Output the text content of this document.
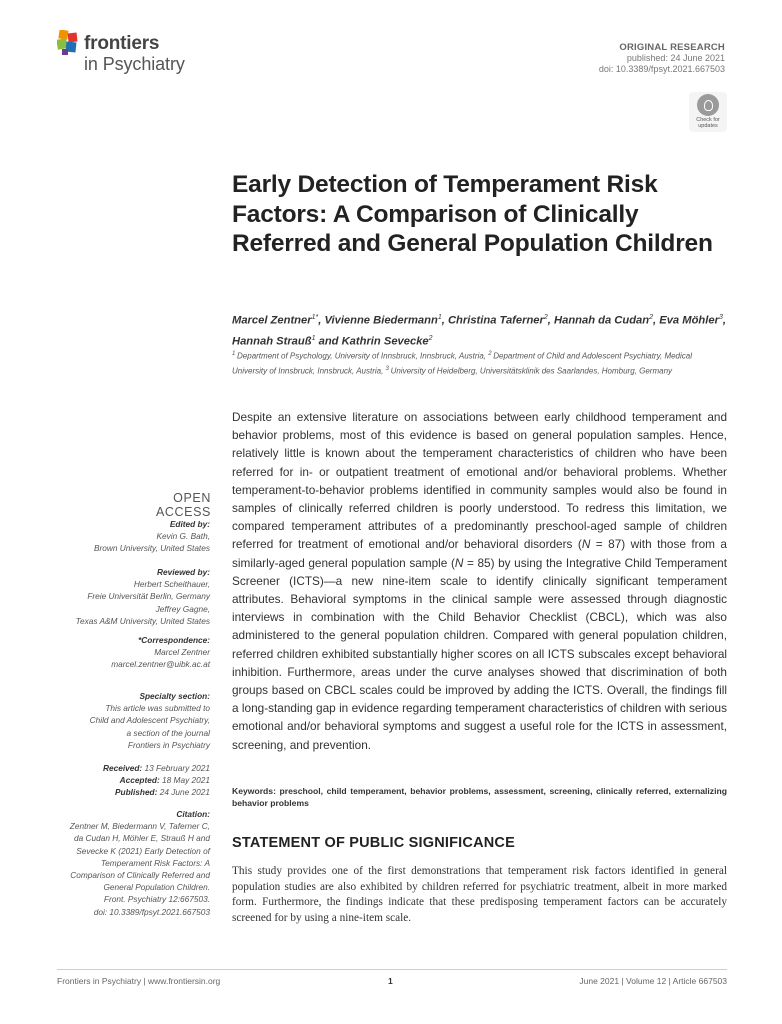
frontiers
in Psychiatry
ORIGINAL RESEARCH
published: 24 June 2021
doi: 10.3389/fpsyt.2021.667503
Check for updates
Early Detection of Temperament Risk Factors: A Comparison of Clinically Referred and General Population Children
Marcel Zentner$^{1*}$, Vivienne Biedermann$^1$, Christina Taferner$^2$, Hannah da Cudan$^2$, Eva Möhler$^3$, Hannah Strauß$^1$ and Kathrin Sevecke$^2$
$^1$ Department of Psychology, University of Innsbruck, Innsbruck, Austria, $^2$ Department of Child and Adolescent Psychiatry, Medical University of Innsbruck, Innsbruck, Austria, $^3$ University of Heidelberg, Universitätsklinik des Saarlandes, Homburg, Germany
Despite an extensive literature on associations between early childhood temperament and behavior problems, most of this evidence is based on general population samples. Hence, relatively little is known about the temperament characteristics of children who have been referred for in- or outpatient treatment of emotional and/or behavioral problems. Whether temperament-to-behavior problems identified in community samples would also be found in samples of clinically referred children is poorly understood. To redress this limitation, we compared temperament attributes of a predominantly preschool-aged sample of children referred for treatment of emotional and/or behavioral disorders (N = 87) with those from a similarly-aged general population sample (N = 85) by using the Integrative Child Temperament Screener (ICTS)—a new nine-item scale to identify clinically significant temperament attributes. Behavioral symptoms in the clinical sample were assessed through diagnostic interviews in combination with the Child Behavior Checklist (CBCL), which was also administered to the general population children. Compared with general population children, referred children exhibited substantially higher scores on all ICTS subscales except behavioral inhibition. Furthermore, areas under the curve analyses showed that discrimination of both groups based on CBCL scales could be improved by adding the ICTS. Overall, the findings fill a long-standing gap in evidence regarding temperament characteristics of children with serious emotional and/or behavioral symptoms and suggest a useful role for the ICTS in assessment, screening, and prevention.
Keywords: preschool, child temperament, behavior problems, assessment, screening, clinically referred, externalizing behavior problems
STATEMENT OF PUBLIC SIGNIFICANCE
This study provides one of the first demonstrations that temperament risk factors identified in general population studies are also exhibited by children referred for psychiatric treatment, albeit in more marked form. Furthermore, the findings indicate that these predisposing temperament factors can be accurately screened for by using a nine-item scale.
OPEN ACCESS
Edited by:
Kevin G. Bath,
Brown University, United States
Reviewed by:
Herbert Scheithauer,
Freie Universität Berlin, Germany
Jeffrey Gagne,
Texas A&M University, United States
*Correspondence:
Marcel Zentner
marcel.zentner@uibk.ac.at
Specialty section:
This article was submitted to
Child and Adolescent Psychiatry,
a section of the journal
Frontiers in Psychiatry
Received: 13 February 2021
Accepted: 18 May 2021
Published: 24 June 2021
Citation:
Zentner M, Biedermann V, Taferner C,
da Cudan H, Möhler E, Strauß H and
Sevecke K (2021) Early Detection of
Temperament Risk Factors: A
Comparison of Clinically Referred and
General Population Children.
Front. Psychiatry 12:667503.
doi: 10.3389/fpsyt.2021.667503
Frontiers in Psychiatry | www.frontiersin.org	1	June 2021 | Volume 12 | Article 667503
